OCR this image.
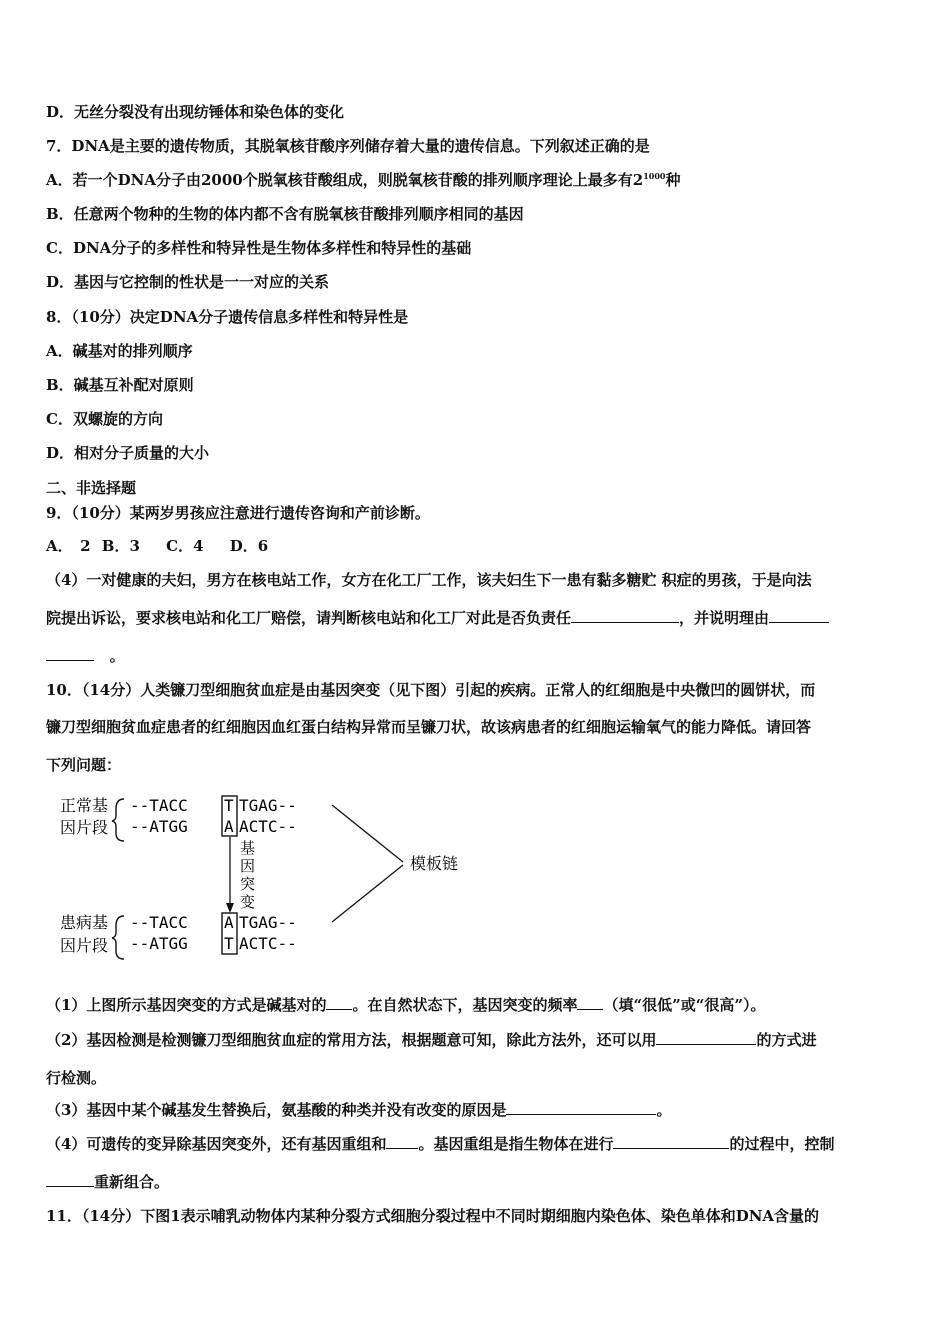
D．无丝分裂没有出现纺锤体和染色体的变化
7．DNA是主要的遗传物质，其脱氧核苷酸序列储存着大量的遗传信息。下列叙述正确的是
A．若一个DNA分子由2000个脱氧核苷酸组成，则脱氧核苷酸的排列顺序理论上最多有$2^{1000}$种
B．任意两个物种的生物的体内都不含有脱氧核苷酸排列顺序相同的基因
C．DNA分子的多样性和特异性是生物体多样性和特异性的基础
D．基因与它控制的性状是一一对应的关系
8．（10分）决定DNA分子遗传信息多样性和特异性是
A．碱基对的排列顺序
B．碱基互补配对原则
C．双螺旋的方向
D．相对分子质量的大小
二、非选择题
9．（10分）某两岁男孩应注意进行遗传咨询和产前诊断。
A．　2 B．3　 C．4　 D．6
（4）一对健康的夫妇，男方在核电站工作，女方在化工厂工作，该夫妇生下一患有黏多糖贮 积症的男孩，于是向法
院提出诉讼，要求核电站和化工厂赔偿，请判断核电站和化工厂对此是否负责任	，并说明理由
。
10．（14分）人类镰刀型细胞贫血症是由基因突变（见下图）引起的疾病。正常人的红细胞是中央微凹的圆饼状，而
镰刀型细胞贫血症患者的红细胞因血红蛋白结构异常而呈镰刀状，故该病患者的红细胞运输氧气的能力降低。请回答
下列问题：
正常基
因片段
--TACC T TGAG--
--ATGG A ACTC--
基
因
突
变
模板链
患病基
因片段
--TACC A TGAG--
--ATGG T ACTC--
（1）上图所示基因突变的方式是碱基对的 。在自然状态下，基因突变的频率 （填“很低”或“很高”）。
（2）基因检测是检测镰刀型细胞贫血症的常用方法，根据题意可知，除此方法外，还可以用	的方式进
行检测。
（3）基因中某个碱基发生替换后，氨基酸的种类并没有改变的原因是	。
（4）可遗传的变异除基因突变外，还有基因重组和 。基因重组是指生物体在进行	的过程中，控制
重新组合。
11．（14分）下图1表示哺乳动物体内某种分裂方式细胞分裂过程中不同时期细胞内染色体、染色单体和DNA含量的
